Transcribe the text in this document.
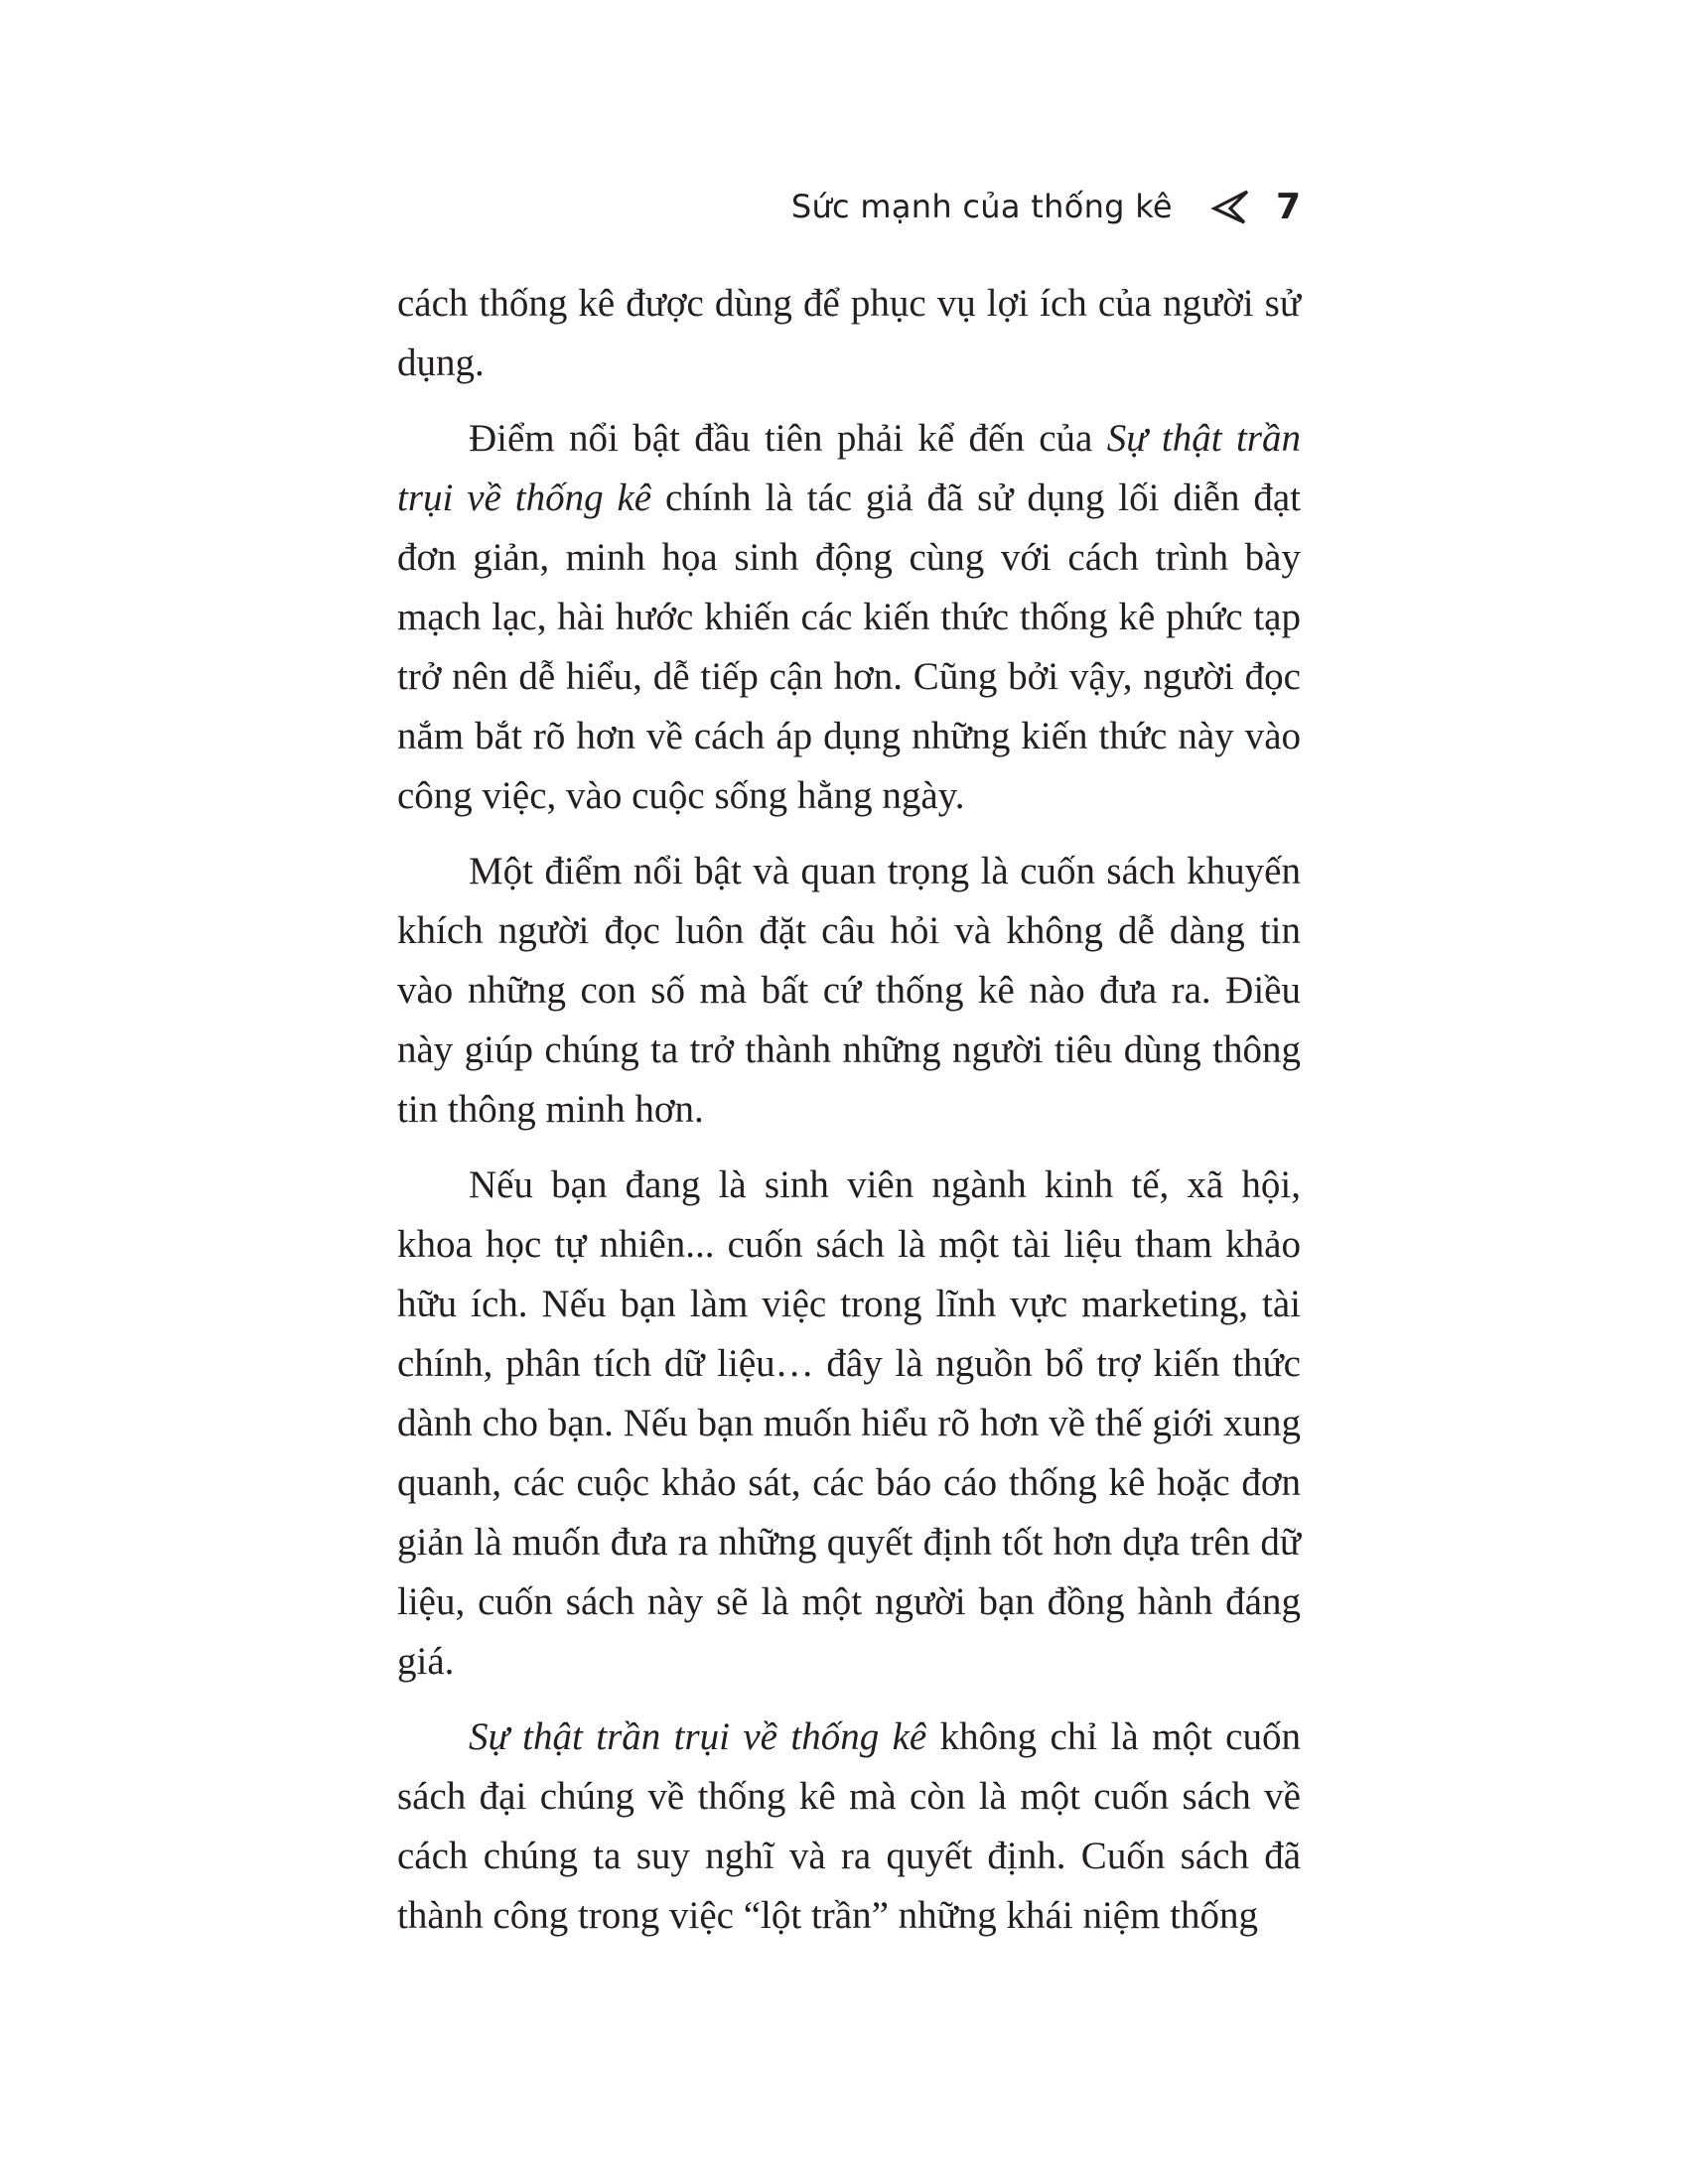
Sức mạnh của thống kê	7

cách thống kê được dùng để phục vụ lợi ích của người sử dụng.

Điểm nổi bật đầu tiên phải kể đến của Sự thật trần trụi về thống kê chính là tác giả đã sử dụng lối diễn đạt đơn giản, minh họa sinh động cùng với cách trình bày mạch lạc, hài hước khiến các kiến thức thống kê phức tạp trở nên dễ hiểu, dễ tiếp cận hơn. Cũng bởi vậy, người đọc nắm bắt rõ hơn về cách áp dụng những kiến thức này vào công việc, vào cuộc sống hằng ngày.

Một điểm nổi bật và quan trọng là cuốn sách khuyến khích người đọc luôn đặt câu hỏi và không dễ dàng tin vào những con số mà bất cứ thống kê nào đưa ra. Điều này giúp chúng ta trở thành những người tiêu dùng thông tin thông minh hơn.

Nếu bạn đang là sinh viên ngành kinh tế, xã hội, khoa học tự nhiên... cuốn sách là một tài liệu tham khảo hữu ích. Nếu bạn làm việc trong lĩnh vực marketing, tài chính, phân tích dữ liệu… đây là nguồn bổ trợ kiến thức dành cho bạn. Nếu bạn muốn hiểu rõ hơn về thế giới xung quanh, các cuộc khảo sát, các báo cáo thống kê hoặc đơn giản là muốn đưa ra những quyết định tốt hơn dựa trên dữ liệu, cuốn sách này sẽ là một người bạn đồng hành đáng giá.

Sự thật trần trụi về thống kê không chỉ là một cuốn sách đại chúng về thống kê mà còn là một cuốn sách về cách chúng ta suy nghĩ và ra quyết định. Cuốn sách đã thành công trong việc “lột trần” những khái niệm thống
